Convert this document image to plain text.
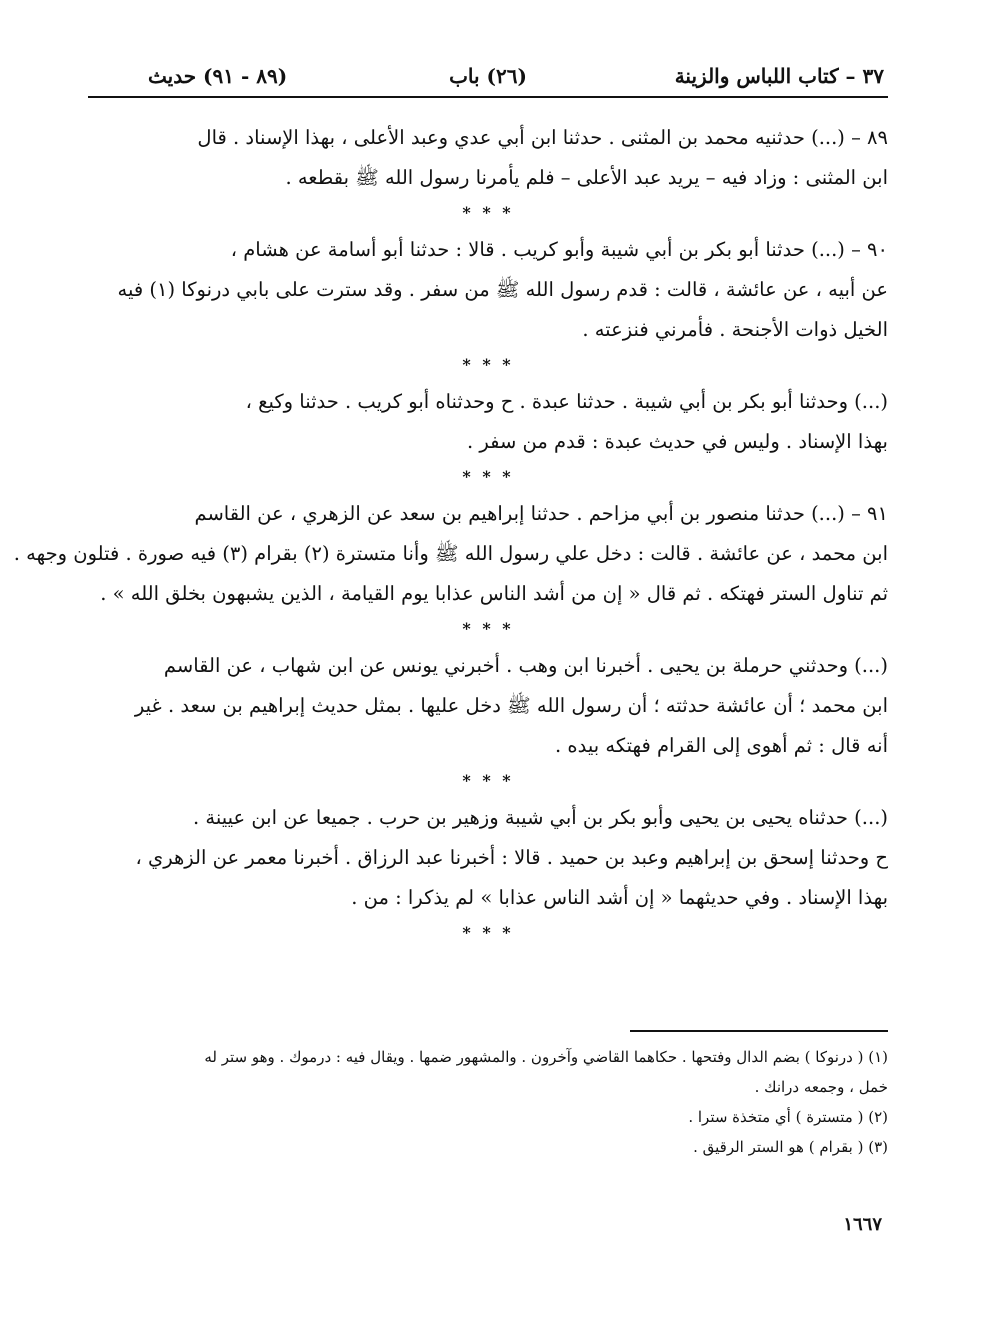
٣٧ – كتاب اللباس والزينة
(٢٦) باب
(٨٩ - ٩١) حديث

٨٩ – (...) حدثنيه محمد بن المثنى . حدثنا ابن أبي عدي وعبد الأعلى ، بهذا الإسناد . قال

ابن المثنى : وزاد فيه – يريد عبد الأعلى – فلم يأمرنا رسول الله ﷺ بقطعه .

* * *

٩٠ – (...) حدثنا أبو بكر بن أبي شيبة وأبو كريب . قالا : حدثنا أبو أسامة عن هشام ،

عن أبيه ، عن عائشة ، قالت : قدم رسول الله ﷺ من سفر . وقد سترت على بابي درنوكا (١) فيه

الخيل ذوات الأجنحة . فأمرني فنزعته .

* * *

(...) وحدثنا أبو بكر بن أبي شيبة . حدثنا عبدة . ح وحدثناه أبو كريب . حدثنا وكيع ،

بهذا الإسناد . وليس في حديث عبدة : قدم من سفر .

* * *

٩١ – (...) حدثنا منصور بن أبي مزاحم . حدثنا إبراهيم بن سعد عن الزهري ، عن القاسم

ابن محمد ، عن عائشة . قالت : دخل علي رسول الله ﷺ وأنا متسترة (٢) بقرام (٣) فيه صورة . فتلون وجهه .

ثم تناول الستر فهتكه . ثم قال « إن من أشد الناس عذابا يوم القيامة ، الذين يشبهون بخلق الله » .

* * *

(...) وحدثني حرملة بن يحيى . أخبرنا ابن وهب . أخبرني يونس عن ابن شهاب ، عن القاسم

ابن محمد ؛ أن عائشة حدثته ؛ أن رسول الله ﷺ دخل عليها . بمثل حديث إبراهيم بن سعد . غير

أنه قال : ثم أهوى إلى القرام فهتكه بيده .

* * *

(...) حدثناه يحيى بن يحيى وأبو بكر بن أبي شيبة وزهير بن حرب . جميعا عن ابن عيينة .

ح وحدثنا إسحق بن إبراهيم وعبد بن حميد . قالا : أخبرنا عبد الرزاق . أخبرنا معمر عن الزهري ،

بهذا الإسناد . وفي حديثهما « إن أشد الناس عذابا » لم يذكرا : من .

* * *

(١) ( درنوكا ) بضم الدال وفتحها . حكاهما القاضي وآخرون . والمشهور ضمها . ويقال فيه : درموك . وهو ستر له

خمل ، وجمعه درانك .

(٢) ( متسترة ) أي متخذة سترا .

(٣) ( بقرام ) هو الستر الرقيق .

١٦٦٧
